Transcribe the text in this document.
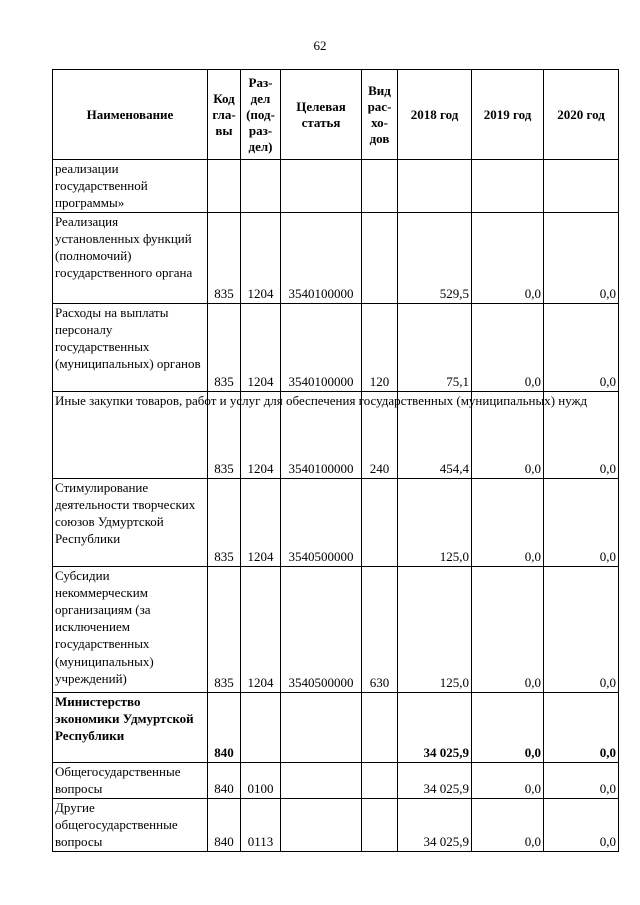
62
Наименование	Код гла- вы	Раз- дел (под- раз- дел)	Целевая статья	Вид рас- хо- дов	2018 год	2019 год	2020 год
реализации государственной программы»							
Реализация установленных функций (полномочий) государственного органа	835	1204	3540100000		529,5	0,0	0,0
Расходы на выплаты персоналу государственных (муниципальных) органов	835	1204	3540100000	120	75,1	0,0	0,0
Иные закупки товаров, работ и услуг для обеспечения государственных (муниципальных) нужд	835	1204	3540100000	240	454,4	0,0	0,0
Стимулирование деятельности творческих союзов Удмуртской Республики	835	1204	3540500000		125,0	0,0	0,0
Субсидии некоммерческим организациям (за исключением государственных (муниципальных) учреждений)	835	1204	3540500000	630	125,0	0,0	0,0
Министерство экономики Удмуртской Республики	840				34 025,9	0,0	0,0
Общегосударственные вопросы	840	0100			34 025,9	0,0	0,0
Другие общегосударственные вопросы	840	0113			34 025,9	0,0	0,0
